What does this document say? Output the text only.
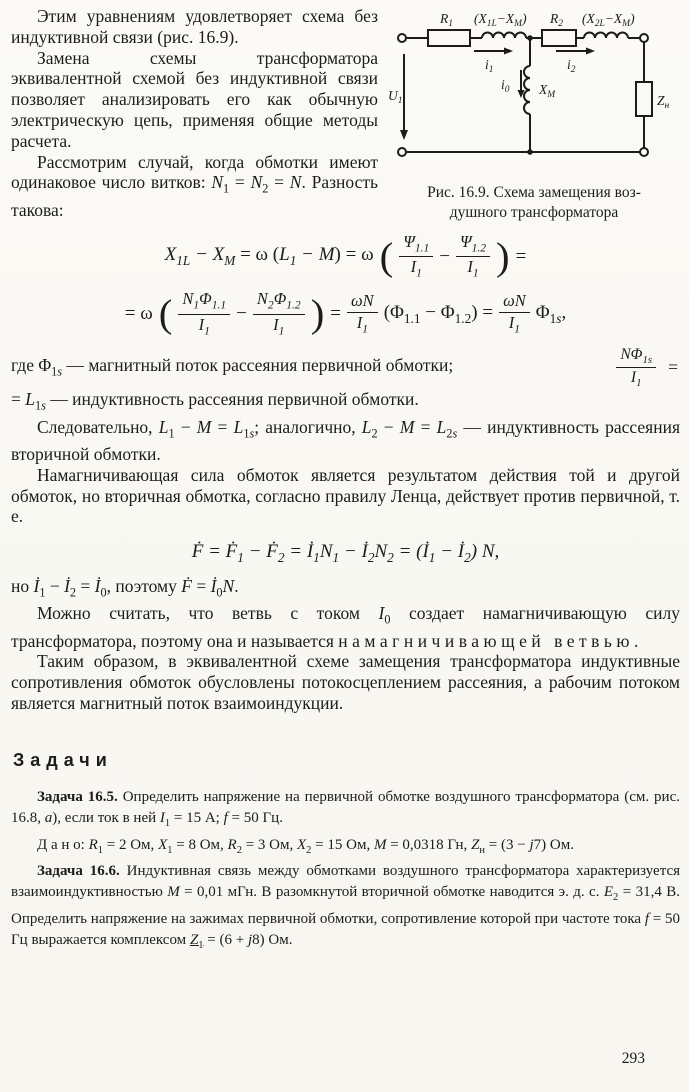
Этим уравнениям удовлетворяет схема без индуктивной связи (рис. 16.9).

Замена схемы трансформатора эквивалентной схемой без индуктивной связи позволяет анализировать его как обычную электрическую цепь, применяя общие методы расчета.

Рассмотрим случай, когда обмотки имеют одинаковое число витков: $N_1 = N_2 = N$. Разность такова:

$R_1$ $(X_{1L}-X_M)$ $R_2$ $(X_{2L}-X_M)$
$i_1$	$i_2$
$i_0$ $X_M$	$Z_н$
$U_1$
Рис. 16.9. Схема замещения воз-
душного трансформатора
$X_{1L} - X_M = \omega$ $(L_1 - M) = \omega$ ( $\frac{\Psi_{1.1}}{I_1} - \frac{\Psi_{1.2}}{I_1}$ ) =
= ω ( $\frac{N_1\Phi_{1.1}}{I_1} - \frac{N_2\Phi_{1.2}}{I_1}$ ) = $\frac{\omega N}{I_1} (\Phi_{1.1} - \Phi_{1.2}) = \frac{\omega N}{I_1} \Phi_{1s}$,
где $\Phi_{1s}$ — магнитный поток рассеяния первичной обмотки;	$\frac{N\Phi_{1s}}{I_1}$ =

= $L_{1s}$ — индуктивность рассеяния первичной обмотки.

Следовательно, $L_1 - M = L_{1s}$; аналогично, $L_2 - M = L_{2s}$ — индуктивность рассеяния вторичной обмотки.

Намагничивающая сила обмоток является результатом действия той и другой обмоток, но вторичная обмотка, согласно правилу Ленца, действует против первичной, т. е.

Ḟ = Ḟ$_1$ − Ḟ$_2$ = $İ_1N_1$ − $İ_2N_2$ = ($İ_1$ − $İ_2$) N,

но $İ_1$ − $İ_2$ = $İ_0$, поэтому Ḟ = $İ_0N$.

Можно считать, что ветвь с током $I_0$ создает намагничивающую силу трансформатора, поэтому она и называется намагничивающей ветвью.

Таким образом, в эквивалентной схеме замещения трансформатора индуктивные сопротивления обмоток обусловлены потокосцеплением рассеяния, а рабочим потоком является магнитный поток взаимоиндукции.

Задачи

Задача 16.5. Определить напряжение на первичной обмотке воздушного трансформатора (см. рис. 16.8, а), если ток в ней $I_1 = 15$ А; f = 50 Гц.

Д а н о: $R_1 = 2$ Ом, $X_1 = 8$ Ом, $R_2 = 3$ Ом, $X_2 = 15$ Ом, M = 0,0318 Гн, $Z_н = (3 - j7)$ Ом.

Задача 16.6. Индуктивная связь между обмотками воздушного трансформатора характеризуется взаимоиндуктивностью M = 0,01 мГн. В разомкнутой вторичной обмотке наводится э. д. с. $E_2 = 31,4$ В. Определить напряжение на зажимах первичной обмотки, сопротивление которой при частоте тока f = 50 Гц выражается комплексом $Z_1 = (6 + j8)$ Ом.

293
